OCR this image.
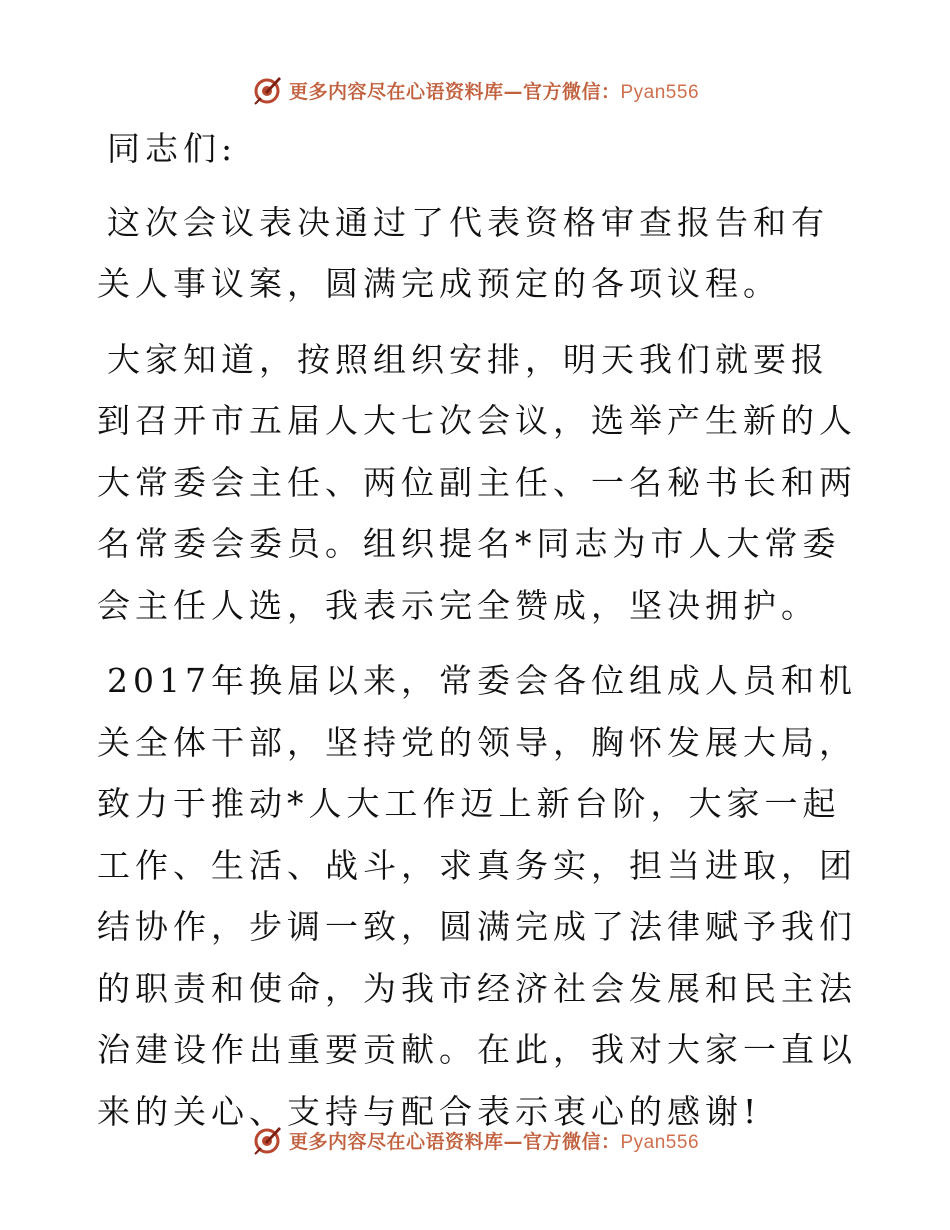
更多内容尽在心语资料库—官方微信：Pyan556

同志们:

这次会议表决通过了代表资格审查报告和有关人事议案，圆满完成预定的各项议程。

大家知道，按照组织安排，明天我们就要报到召开市五届人大七次会议，选举产生新的人大常委会主任、两位副主任、一名秘书长和两名常委会委员。组织提名*同志为市人大常委会主任人选，我表示完全赞成，坚决拥护。

2017年换届以来，常委会各位组成人员和机关全体干部，坚持党的领导，胸怀发展大局，致力于推动*人大工作迈上新台阶，大家一起工作、生活、战斗，求真务实，担当进取，团结协作，步调一致，圆满完成了法律赋予我们的职责和使命，为我市经济社会发展和民主法治建设作出重要贡献。在此，我对大家一直以来的关心、支持与配合表示衷心的感谢!

更多内容尽在心语资料库—官方微信：Pyan556
